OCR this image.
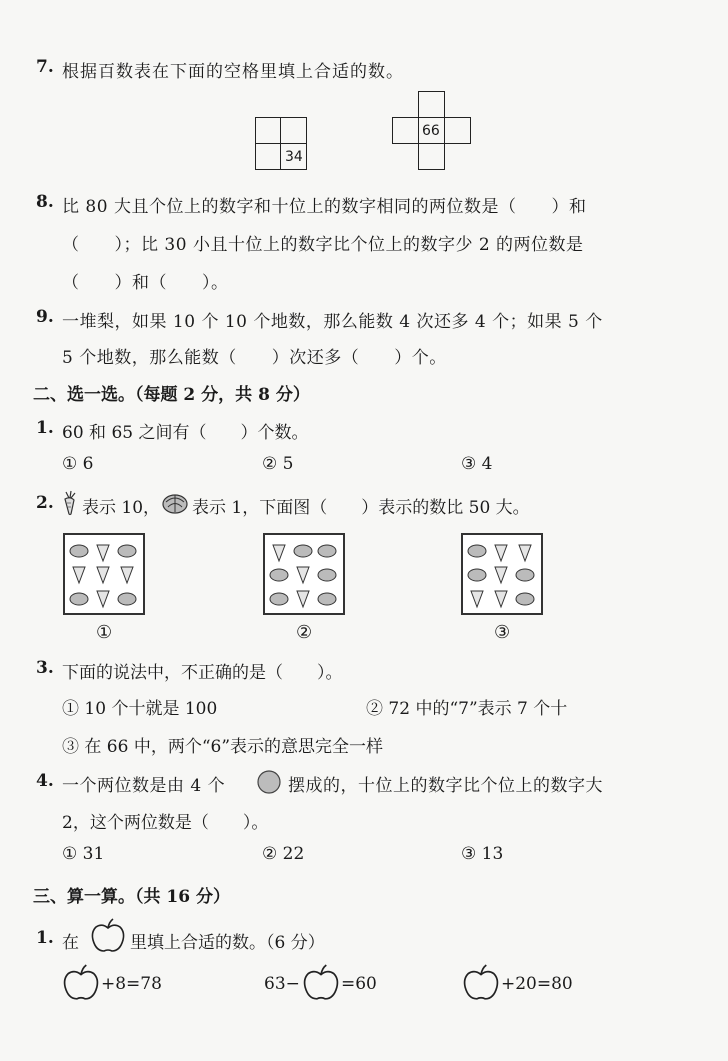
7. 根据百数表在下面的空格里填上合适的数。
34
66
8. 比 80 大且个位上的数字和十位上的数字相同的两位数是（　　）和
（　　）；比 30 小且十位上的数字比个位上的数字少 2 的两位数是
（　　）和（　　）。
9. 一堆梨，如果 10 个 10 个地数，那么能数 4 次还多 4 个；如果 5 个
5 个地数，那么能数（　　）次还多（　　）个。
二、选一选。（每题 2 分，共 8 分）
1. 60 和 65 之间有（　　）个数。
① 6	② 5	③ 4
2. 表示 10， 表示 1，下面图（　　）表示的数比 50 大。
①	②	③
3. 下面的说法中，不正确的是（　　）。
① 10 个十就是 100	② 72 中的“7”表示 7 个十
③ 在 66 中，两个“6”表示的意思完全一样
4. 一个两位数是由 4 个	摆成的，十位上的数字比个位上的数字大
2，这个两位数是（　　）。
① 31	② 22	③ 13
三、算一算。（共 16 分）
1. 在	里填上合适的数。（6 分）
+8=78	63− =60	+20=80
